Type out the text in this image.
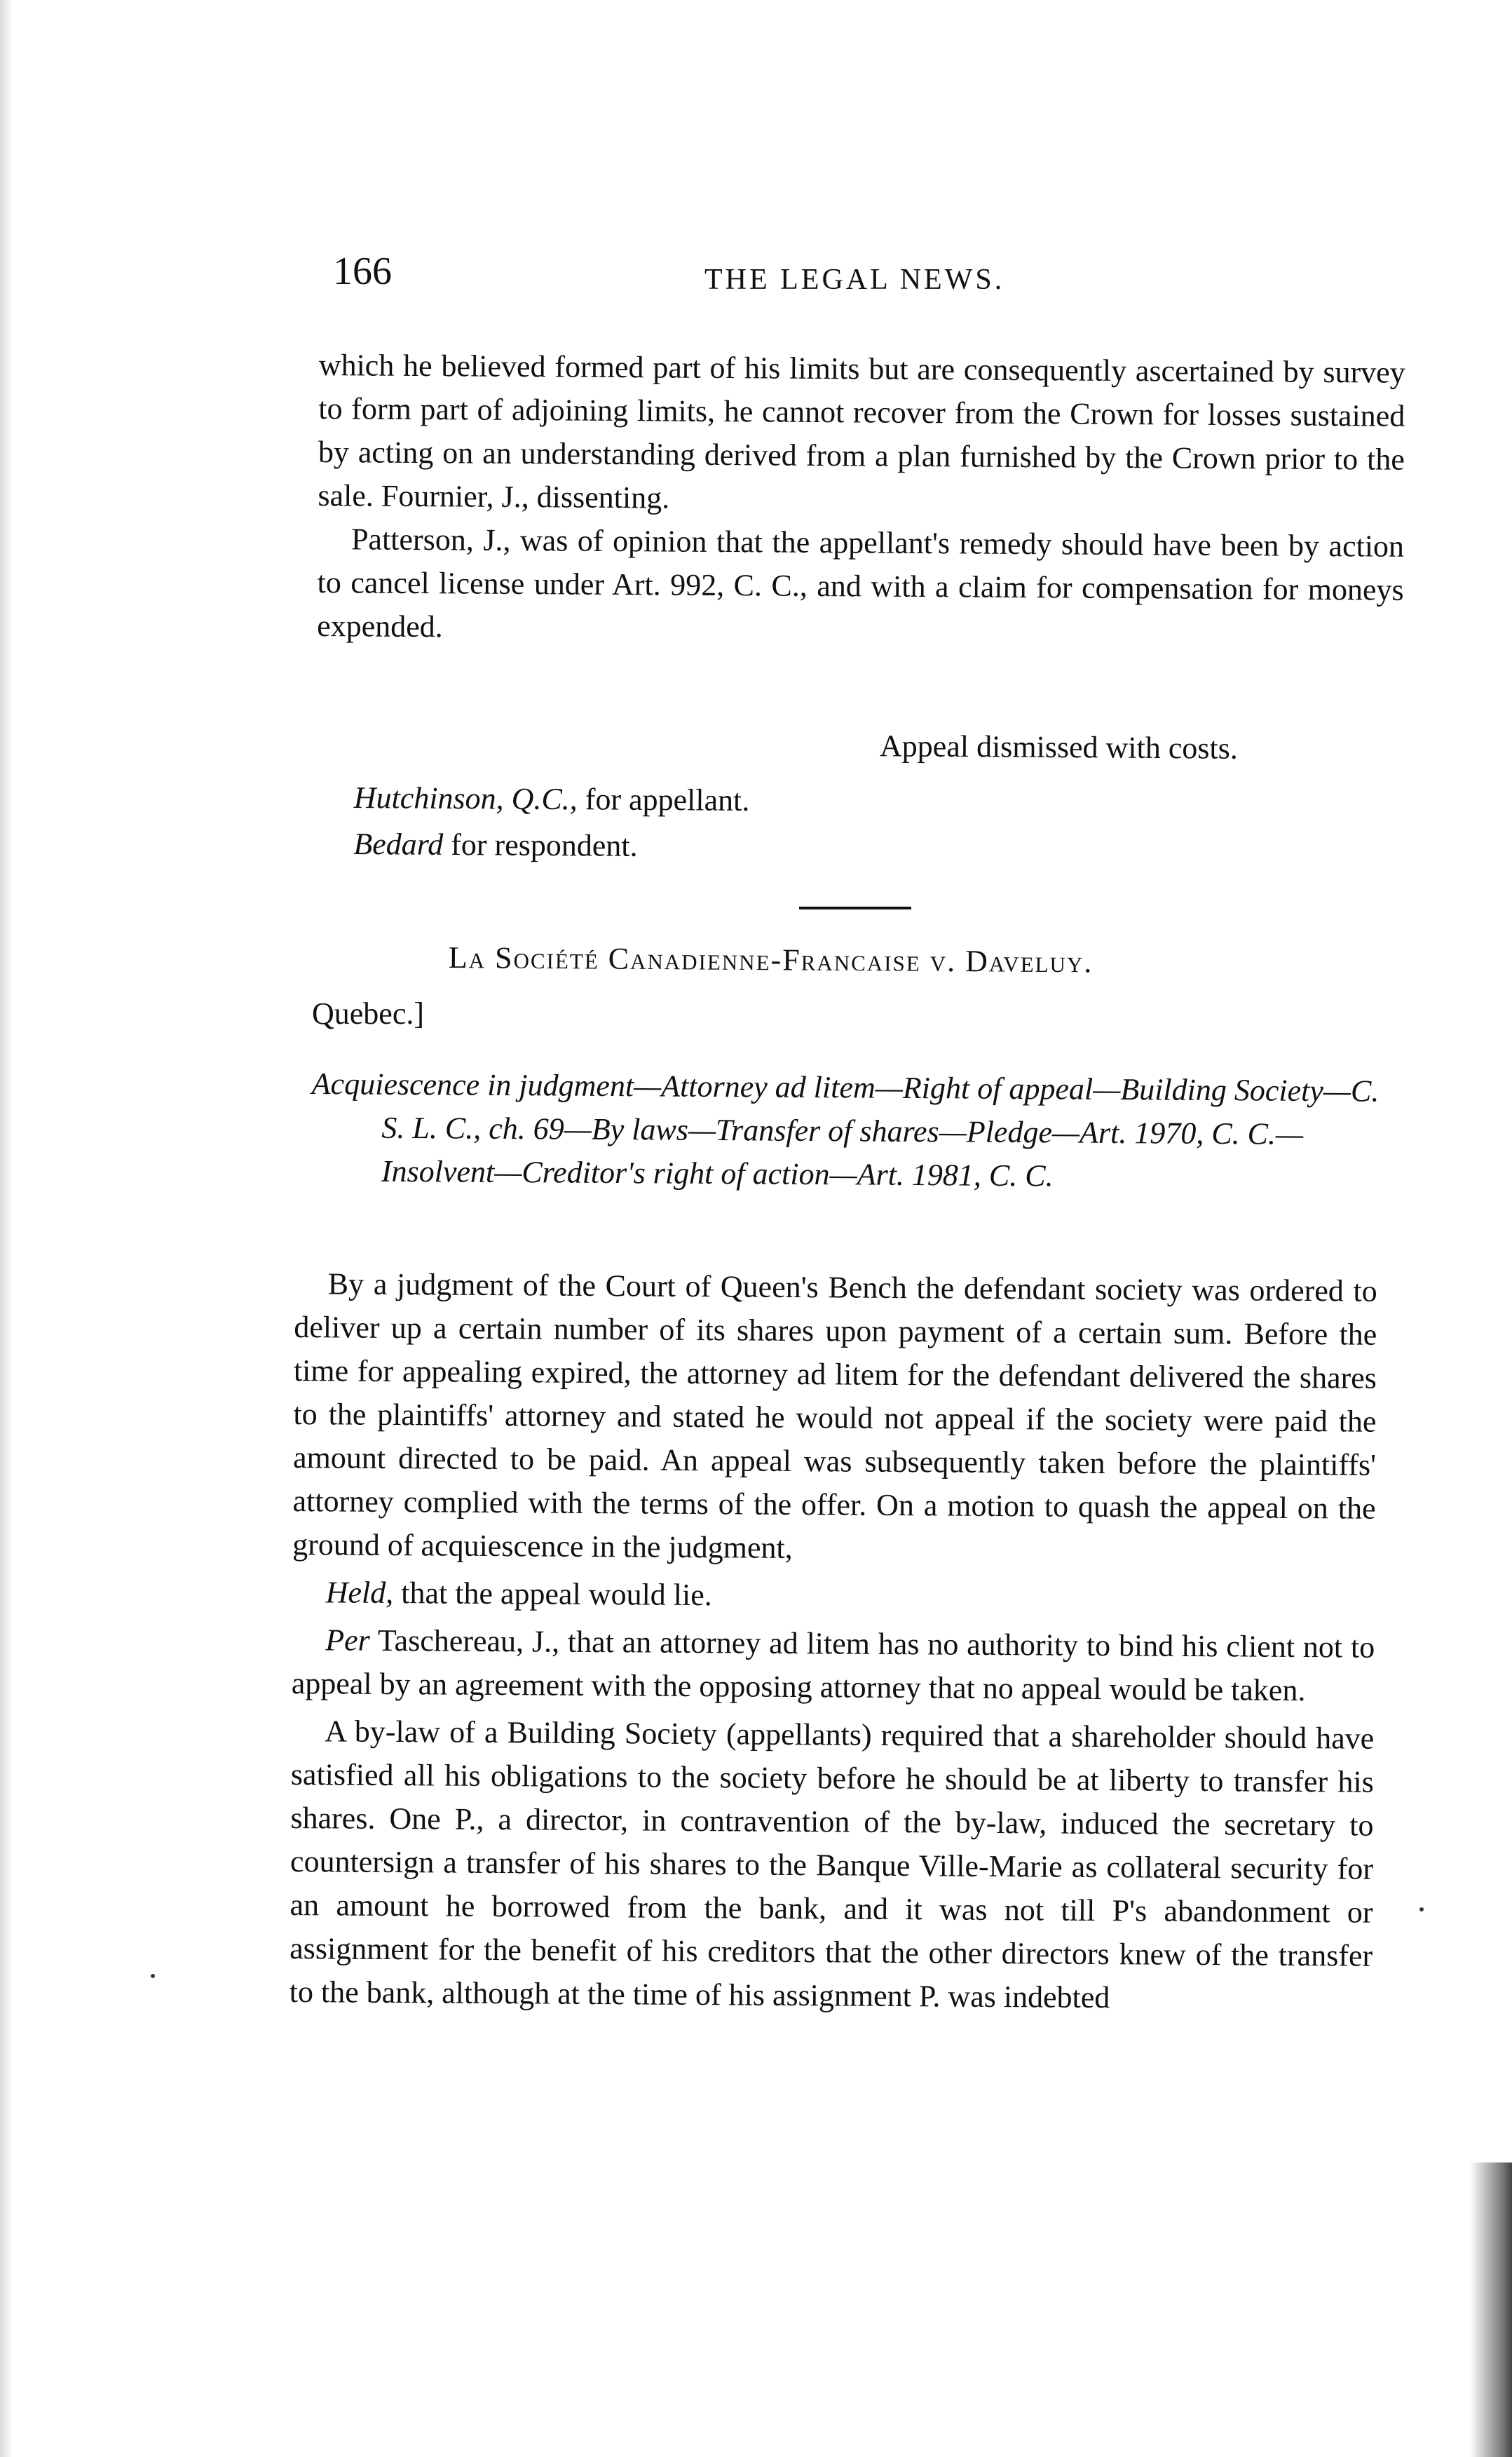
166	THE LEGAL NEWS.

which he believed formed part of his limits but are consequently ascertained by survey to form part of adjoining limits, he cannot recover from the Crown for losses sustained by acting on an understanding derived from a plan furnished by the Crown prior to the sale. Fournier, J., dissenting.

Patterson, J., was of opinion that the appellant's remedy should have been by action to cancel license under Art. 992, C. C., and with a claim for compensation for moneys expended.

Appeal dismissed with costs.
Hutchinson, Q.C., for appellant.
Bedard for respondent.
La Société Canadienne-Francaise v. Daveluy.
Quebec.]

Acquiescence in judgment—Attorney ad litem—Right of appeal—Building Society—C. S. L. C., ch. 69—By laws—Transfer of shares—Pledge—Art. 1970, C. C.—Insolvent—Creditor's right of action—Art. 1981, C. C.

By a judgment of the Court of Queen's Bench the defendant society was ordered to deliver up a certain number of its shares upon payment of a certain sum. Before the time for appealing expired, the attorney ad litem for the defendant delivered the shares to the plaintiffs' attorney and stated he would not appeal if the society were paid the amount directed to be paid. An appeal was subsequently taken before the plaintiffs' attorney complied with the terms of the offer. On a motion to quash the appeal on the ground of acquiescence in the judgment,

Held, that the appeal would lie.

Per Taschereau, J., that an attorney ad litem has no authority to bind his client not to appeal by an agreement with the opposing attorney that no appeal would be taken.

A by-law of a Building Society (appellants) required that a shareholder should have satisfied all his obligations to the society before he should be at liberty to transfer his shares. One P., a director, in contravention of the by-law, induced the secretary to countersign a transfer of his shares to the Banque Ville-Marie as collateral security for an amount he borrowed from the bank, and it was not till P's abandonment or assignment for the benefit of his creditors that the other directors knew of the transfer to the bank, although at the time of his assignment P. was indebted
